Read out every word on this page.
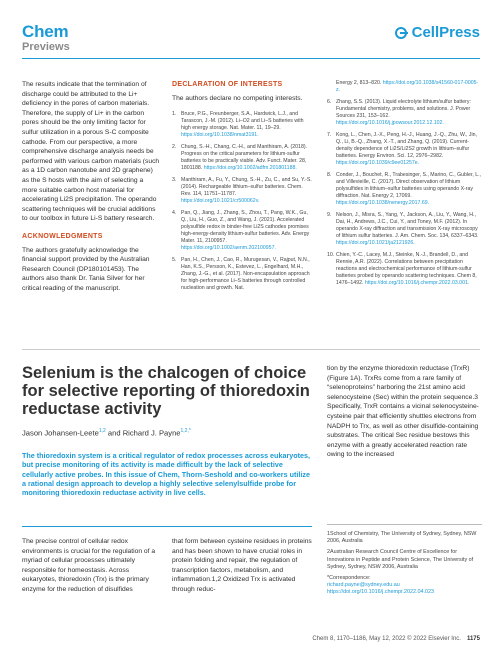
Chem
Previews
CellPress

The results indicate that the termination of discharge could be attributed to the Li+ deficiency in the pores of carbon materials. Therefore, the supply of Li+ in the carbon pores should be the only limiting factor for sulfur utilization in a porous S-C composite cathode. From our perspective, a more comprehensive discharge analysis needs be performed with various carbon materials (such as a 1D carbon nanotube and 2D graphene) as the S hosts with the aim of selecting a more suitable carbon host material for accelerating Li2S precipitation. The operando scattering techniques will be crucial additions to our toolbox in future Li-S battery research.

ACKNOWLEDGMENTS

The authors gratefully acknowledge the financial support provided by the Australian Research Council (DP180101453). The authors also thank Dr. Tania Silver for her critical reading of the manuscript.

DECLARATION OF INTERESTS

The authors declare no competing interests.

1. Bruce, P.G., Freunberger, S.A., Hardwick, L.J., and Tarascon, J.-M. (2012). Li–O2 and Li–S batteries with high energy storage. Nat. Mater. 11, 19–29. https://doi.org/10.1038/nmat3191.
2. Chung, S.-H., Chang, C.-H., and Manthiram, A. (2018). Progress on the critical parameters for lithium-sulfur batteries to be practically viable. Adv. Funct. Mater. 28, 1801188. https://doi.org/10.1002/adfm.201801188.
3. Manthiram, A., Fu, Y., Chung, S.-H., Zu, C., and Su, Y.-S. (2014). Rechargeable lithium–sulfur batteries. Chem. Rev. 114, 11751–11787. https://doi.org/10.1021/cr500062v.
4. Pan, Q., Jiang, J., Zhang, S., Zhou, T., Pang, W.K., Gu, Q., Liu, H., Guo, Z., and Wang, J. (2021). Accelerated polysulfide redox in binder-free Li2S cathodes promises high-energy-density lithium-sulfur batteries. Adv. Energy Mater. 11, 2100957. https://doi.org/10.1002/aenm.202100957.
5. Pan, H., Chen, J., Cao, R., Murugesan, V., Rajput, N.N., Han, K.S., Persson, K., Estevez, L., Engelhard, M.H., Zhang, J.-G., et al. (2017). Non-encapsulation approach for high-performance Li–S batteries through controlled nucleation and growth. Nat.
Energy 2, 813–820. https://doi.org/10.1038/s41560-017-0005-z.
6. Zhang, S.S. (2013). Liquid electrolyte lithium/sulfur battery: Fundamental chemistry, problems, and solutions. J. Power Sources 231, 153–162. https://doi.org/10.1016/j.jpowsour.2012.12.102.
7. Kong, L., Chen, J.-X., Peng, H.-J., Huang, J.-Q., Zhu, W., Jin, Q., Li, B.-Q., Zhang, X.-T., and Zhang, Q. (2019). Current-density dependence of Li2S/Li2S2 growth in lithium–sulfur batteries. Energy Environ. Sci. 12, 2976–2982. https://doi.org/10.1039/c9ee01257e.
8. Conder, J., Bouchet, R., Trabesinger, S., Marino, C., Gubler, L., and Villevieille, C. (2017). Direct observation of lithium polysulfides in lithium–sulfur batteries using operando X-ray diffraction. Nat. Energy 2, 17069. https://doi.org/10.1038/nenergy.2017.69.
9. Nelson, J., Misra, S., Yang, Y., Jackson, A., Liu, Y., Wang, H., Dai, H., Andrews, J.C., Cui, Y., and Toney, M.F. (2012). In operando X-ray diffraction and transmission X-ray microscopy of lithium sulfur batteries. J. Am. Chem. Soc. 134, 6337–6343. https://doi.org/10.1021/ja2121926.
10. Chien, Y.-C., Lacey, M.J., Steinke, N.-J., Brandell, D., and Rennie, A.R. (2022). Correlations between precipitation reactions and electrochemical performance of lithium-sulfur batteries probed by operando scattering techniques. Chem 8, 1476–1492. https://doi.org/10.1016/j.chempr.2022.03.001.
Selenium is the chalcogen of choice for selective reporting of thioredoxin reductase activity
Jason Johansen-Leete$^{1,2}$ and Richard J. Payne$^{1,2,*}$

The thioredoxin system is a critical regulator of redox processes across eukaryotes, but precise monitoring of its activity is made difficult by the lack of selective cellularly active probes. In this issue of Chem, Thorn-Seshold and co-workers utilize a rational design approach to develop a highly selective selenylsulfide probe for monitoring thioredoxin reductase activity in live cells.

The precise control of cellular redox environments is crucial for the regulation of a myriad of cellular processes ultimately responsible for homeostasis. Across eukaryotes, thioredoxin (Trx) is the primary enzyme for the reduction of disulfides

that form between cysteine residues in proteins and has been shown to have crucial roles in protein folding and repair, the regulation of transcription factors, metabolism, and inflammation.1,2 Oxidized Trx is activated through reduc-

tion by the enzyme thioredoxin reductase (TrxR) (Figure 1A). TrxRs come from a rare family of “selenoproteins” harboring the 21st amino acid selenocysteine (Sec) within the protein sequence.3 Specifically, TrxR contains a vicinal selenocysteine-cysteine pair that efficiently shuttles electrons from NADPH to Trx, as well as other disulfide-containing substrates. The critical Sec residue bestows this enzyme with a greatly accelerated reaction rate owing to the increased

1School of Chemistry, The University of Sydney, Sydney, NSW 2006, Australia
2Australian Research Council Centre of Excellence for Innovations in Peptide and Protein Science, The University of Sydney, Sydney, NSW 2006, Australia
*Correspondence:
richard.payne@sydney.edu.au
https://doi.org/10.1016/j.chempr.2022.04.023
Chem 8, 1170–1186, May 12, 2022 © 2022 Elsevier Inc. 1175
